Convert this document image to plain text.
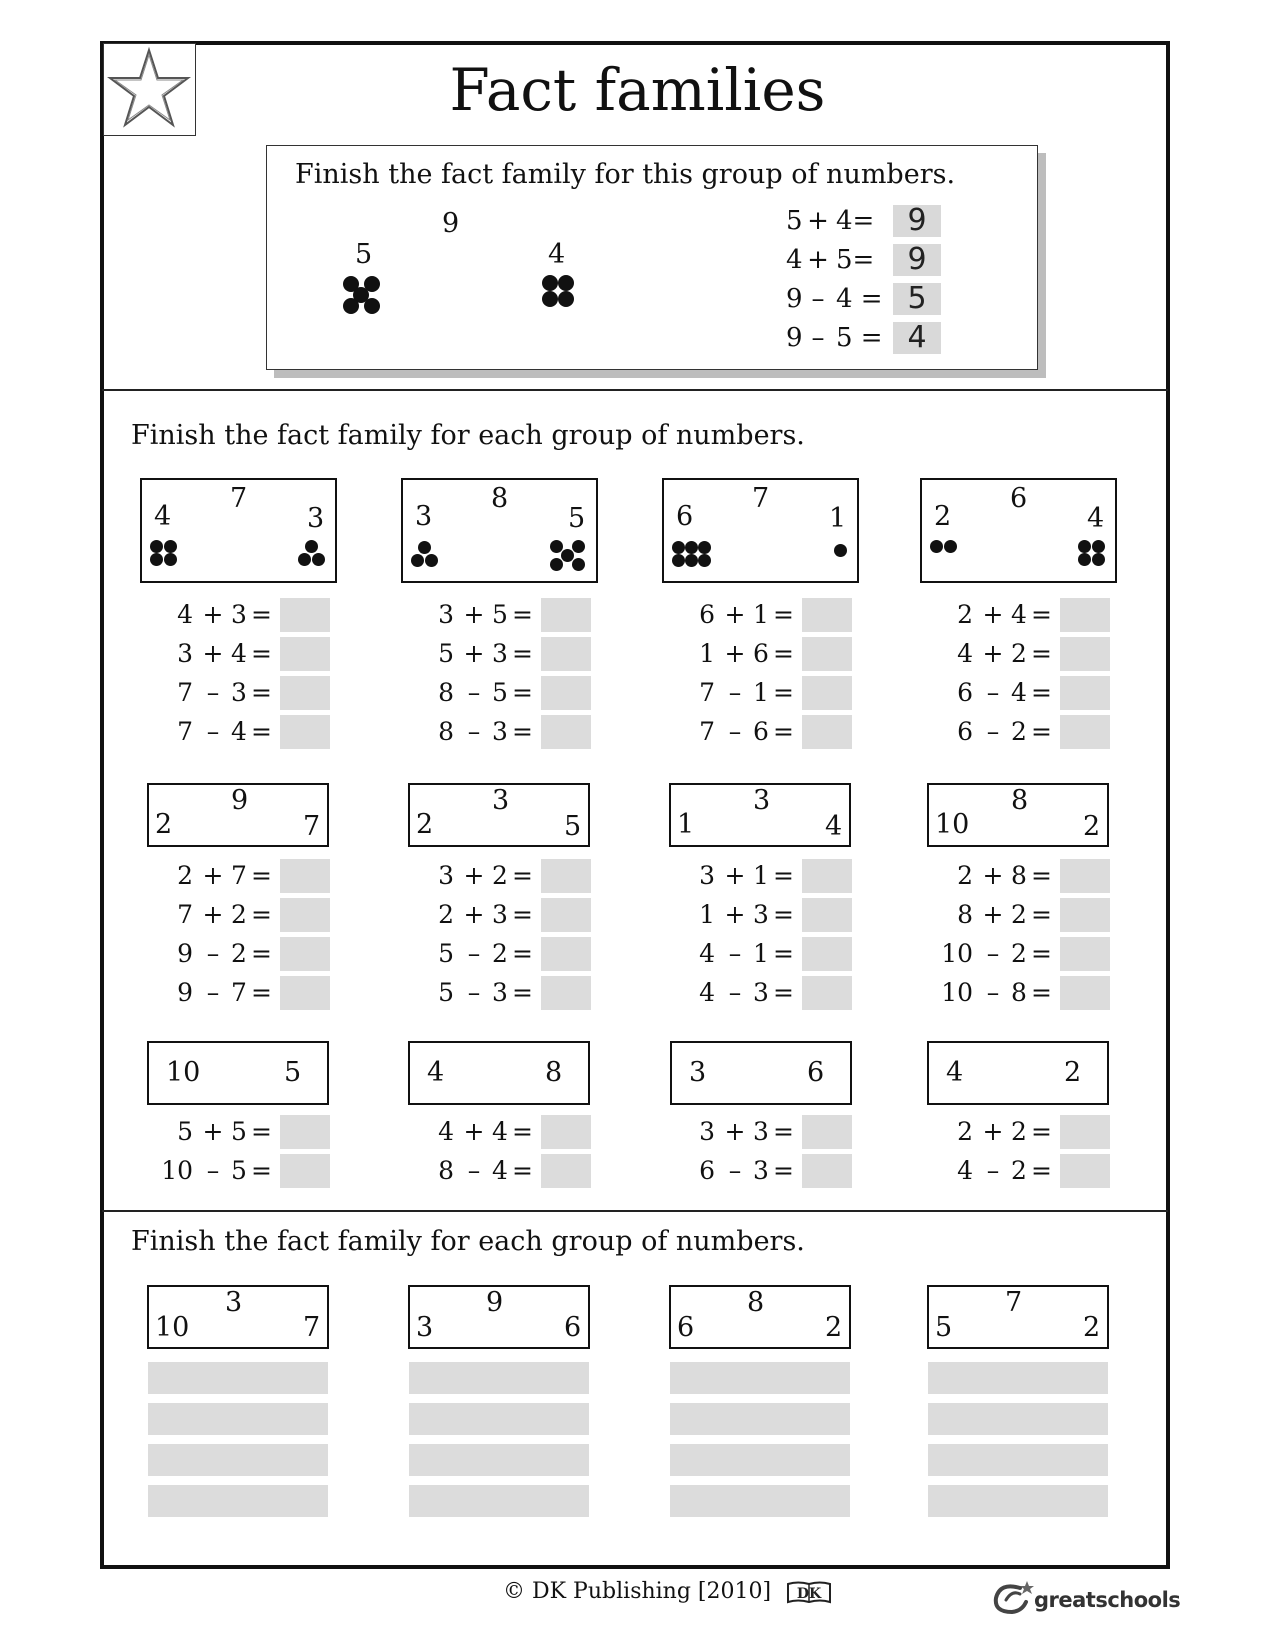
Fact families
Finish the fact family for this group of numbers.
9
5	4
5 + 4=	9
4 + 5=	9
9 – 4 = 5
9 – 5 = 4
Finish the fact family for each group of numbers.
7
4	3
4 + 3 =
3 + 4 =
7 – 3 =
7 – 4 =
8
3	5
3 + 5 =
5 + 3 =
8 – 5 =
8 – 3 =
7
6	1
6 + 1 =
1 + 6 =
7 – 1 =
7 – 6 =
6
2	4
2 + 4 =
4 + 2 =
6 – 4 =
6 – 2 =
9
2	7
2 + 7 =
7 + 2 =
9 – 2 =
9 – 7 =
3
2	5
3 + 2 =
2 + 3 =
5 – 2 =
5 – 3 =
3
1	4
3 + 1 =
1 + 3 =
4 – 1 =
4 – 3 =
8
10	2
2 + 8 =
8 + 2 =
10 – 2 =
10 – 8 =
10	5
5 + 5 =
10 – 5 =
4	8
4 + 4 =
8 – 4 =
3	6
3 + 3 =
6 – 3 =
4	2
2 + 2 =
4 – 2 =
Finish the fact family for each group of numbers.
3
10	7
9
3	6
8
6	2
7
5	2
© DK Publishing [2010] DK	greatschools
